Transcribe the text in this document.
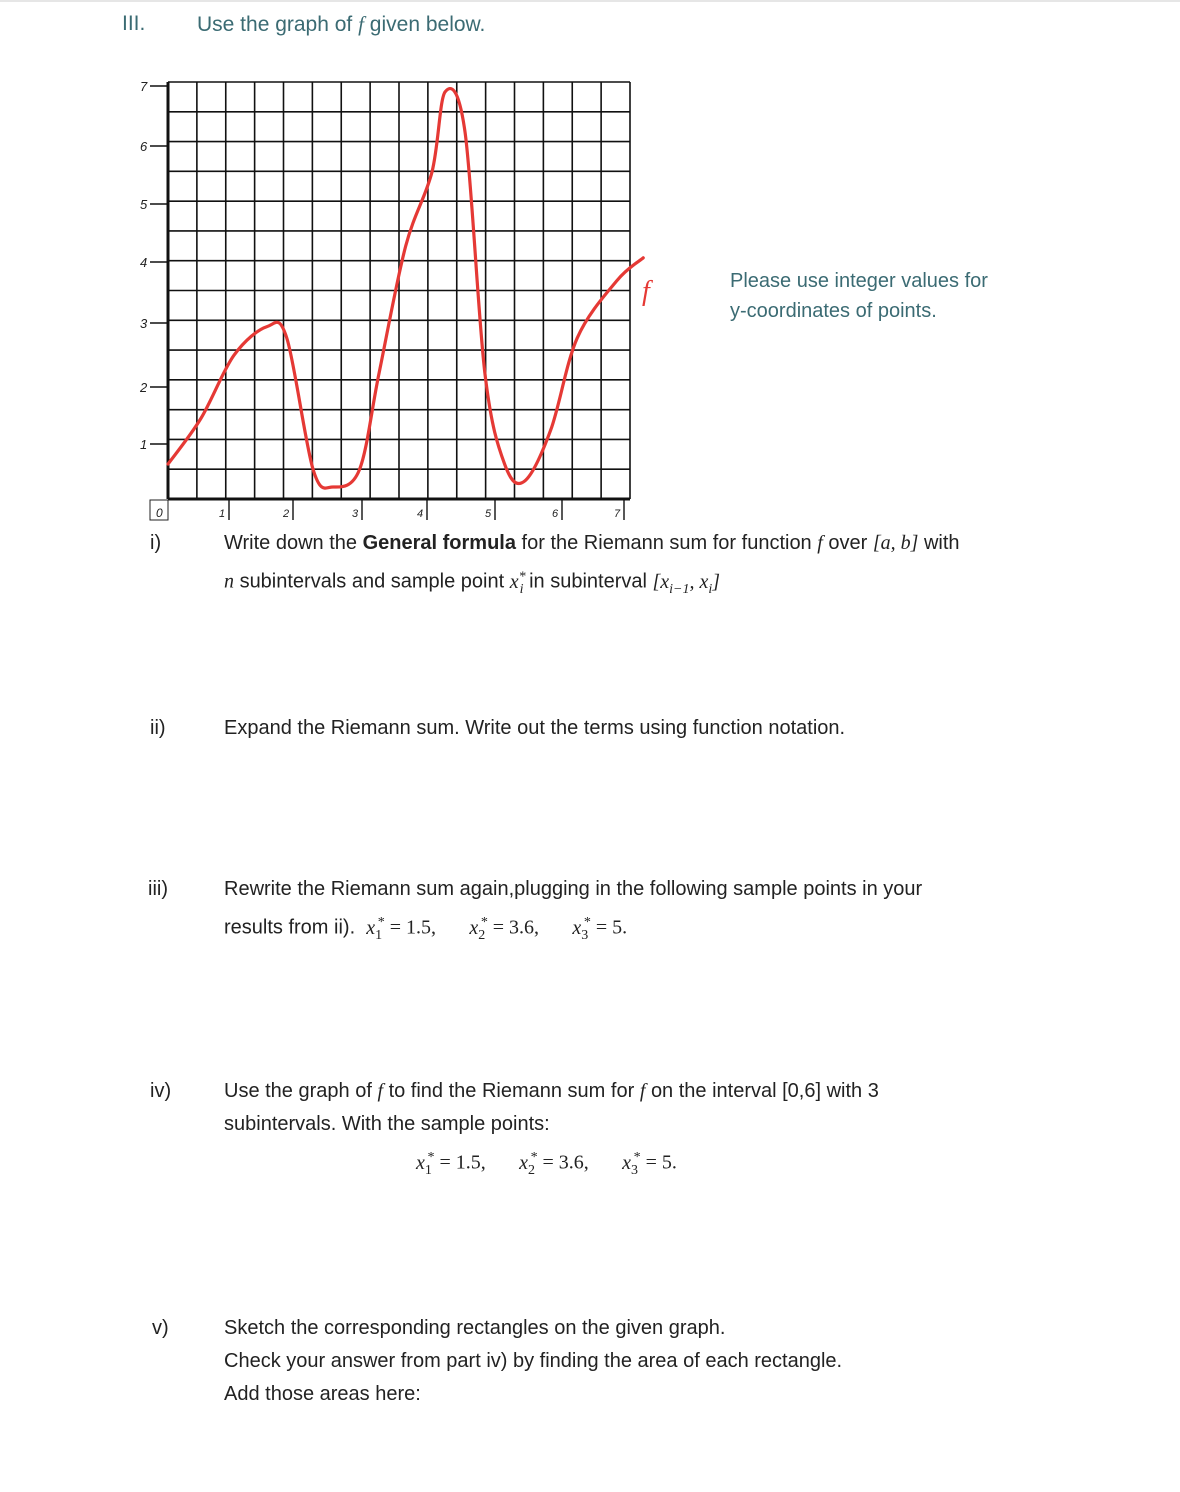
III. Use the graph of f given below.
7
6
5
4
3
2
1
0	1	2	3	4	5	6	7
f	Please use integer values for
y-coordinates of points.
i)	Write down the General formula for the Riemann sum for function f over [a, b] with
n subintervals and sample point $x^*_i$ in subinterval [$x_{i-1}$, $x_i$]
ii)	Expand the Riemann sum. Write out the terms using function notation.
iii)	Rewrite the Riemann sum again,plugging in the following sample points in your
results from ii). $x_1^* = 1.5$, $x_2^* = 3.6$, $x_3^* = 5$.
iv)	Use the graph of f to find the Riemann sum for f on the interval [0,6] with 3
subintervals. With the sample points:
$x_1^* = 1.5$, $x_2^* = 3.6$, $x_3^* = 5$.
v)	Sketch the corresponding rectangles on the given graph.
Check your answer from part iv) by finding the area of each rectangle.
Add those areas here:
